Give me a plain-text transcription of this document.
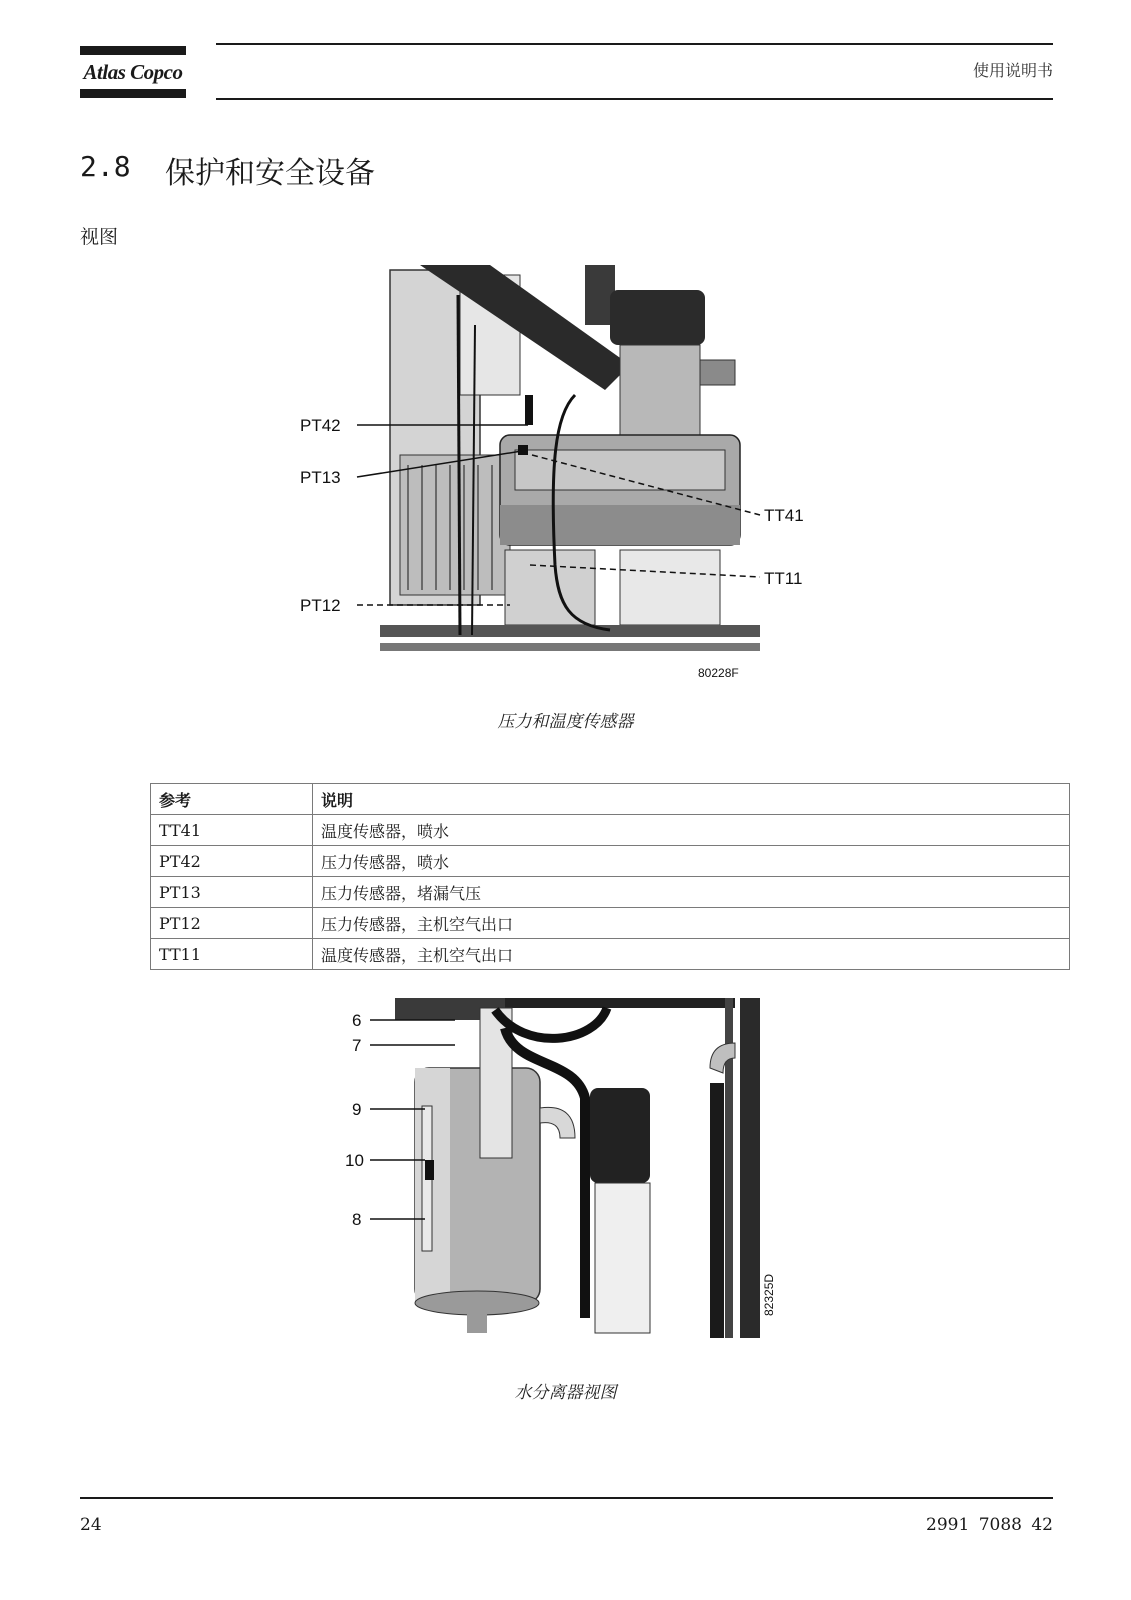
Atlas Copco	使用说明书
2.8 保护和安全设备
视图
PT42
PT13
PT12
TT41
TT11
80228F
压力和温度传感器
参考	说明
TT41	温度传感器，喷水
PT42	压力传感器，喷水
PT13	压力传感器，堵漏气压
PT12	压力传感器，主机空气出口
TT11	温度传感器，主机空气出口
6
7
9
10
8
82325D
水分离器视图
24	2991 7088 42
